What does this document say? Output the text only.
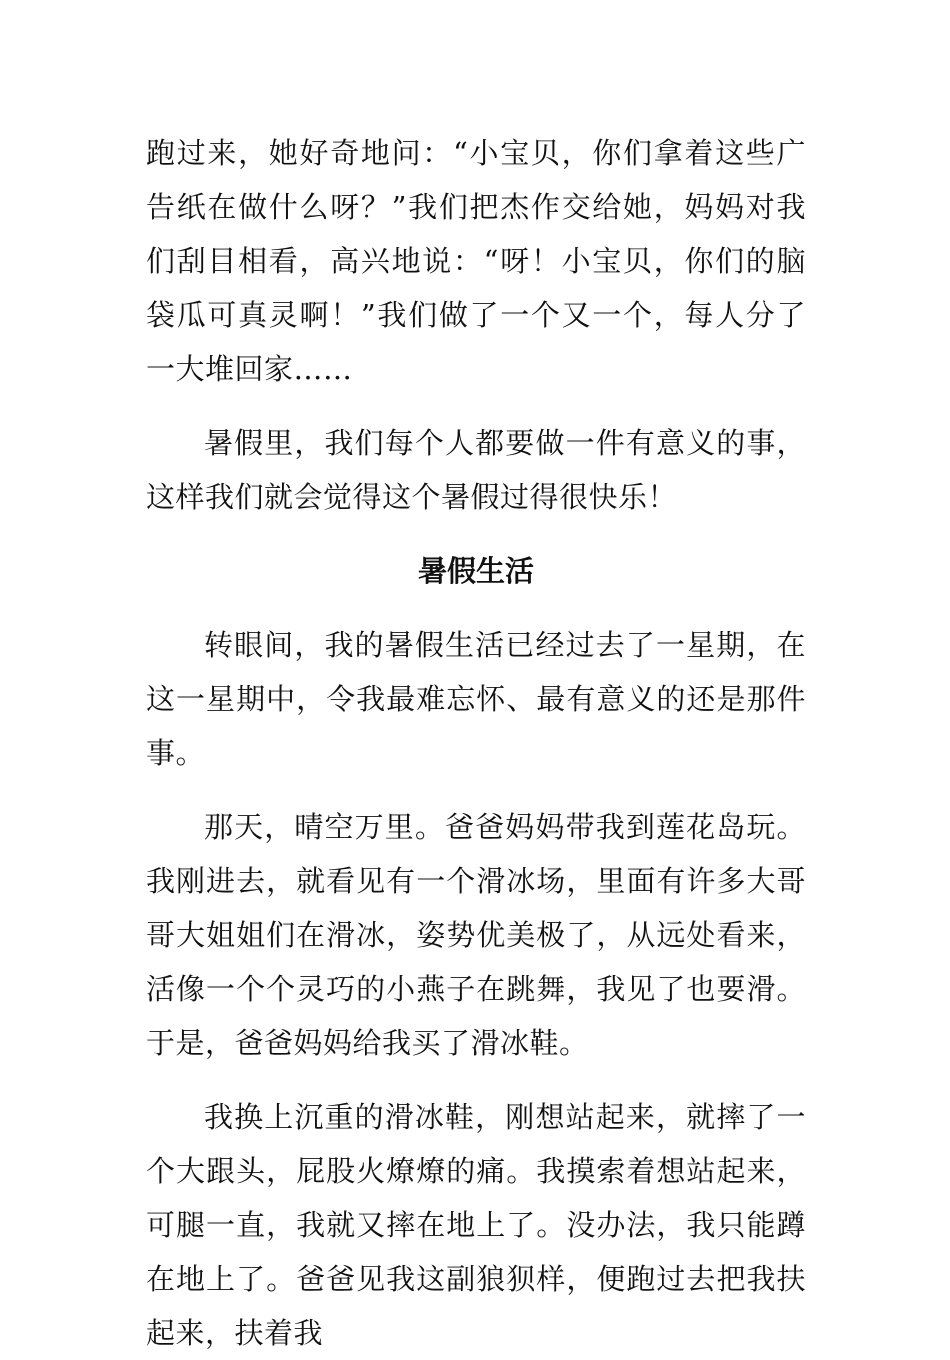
跑过来，她好奇地问：“小宝贝，你们拿着这些广告纸在做什么呀？”我们把杰作交给她，妈妈对我们刮目相看，高兴地说：“呀！小宝贝，你们的脑袋瓜可真灵啊！”我们做了一个又一个，每人分了一大堆回家……

暑假里，我们每个人都要做一件有意义的事，这样我们就会觉得这个暑假过得很快乐！

暑假生活

转眼间，我的暑假生活已经过去了一星期，在这一星期中，令我最难忘怀、最有意义的还是那件事。

那天，晴空万里。爸爸妈妈带我到莲花岛玩。我刚进去，就看见有一个滑冰场，里面有许多大哥哥大姐姐们在滑冰，姿势优美极了，从远处看来，活像一个个灵巧的小燕子在跳舞，我见了也要滑。于是，爸爸妈妈给我买了滑冰鞋。

我换上沉重的滑冰鞋，刚想站起来，就摔了一个大跟头，屁股火燎燎的痛。我摸索着想站起来，可腿一直，我就又摔在地上了。没办法，我只能蹲在地上了。爸爸见我这副狼狈样，便跑过去把我扶起来，扶着我
